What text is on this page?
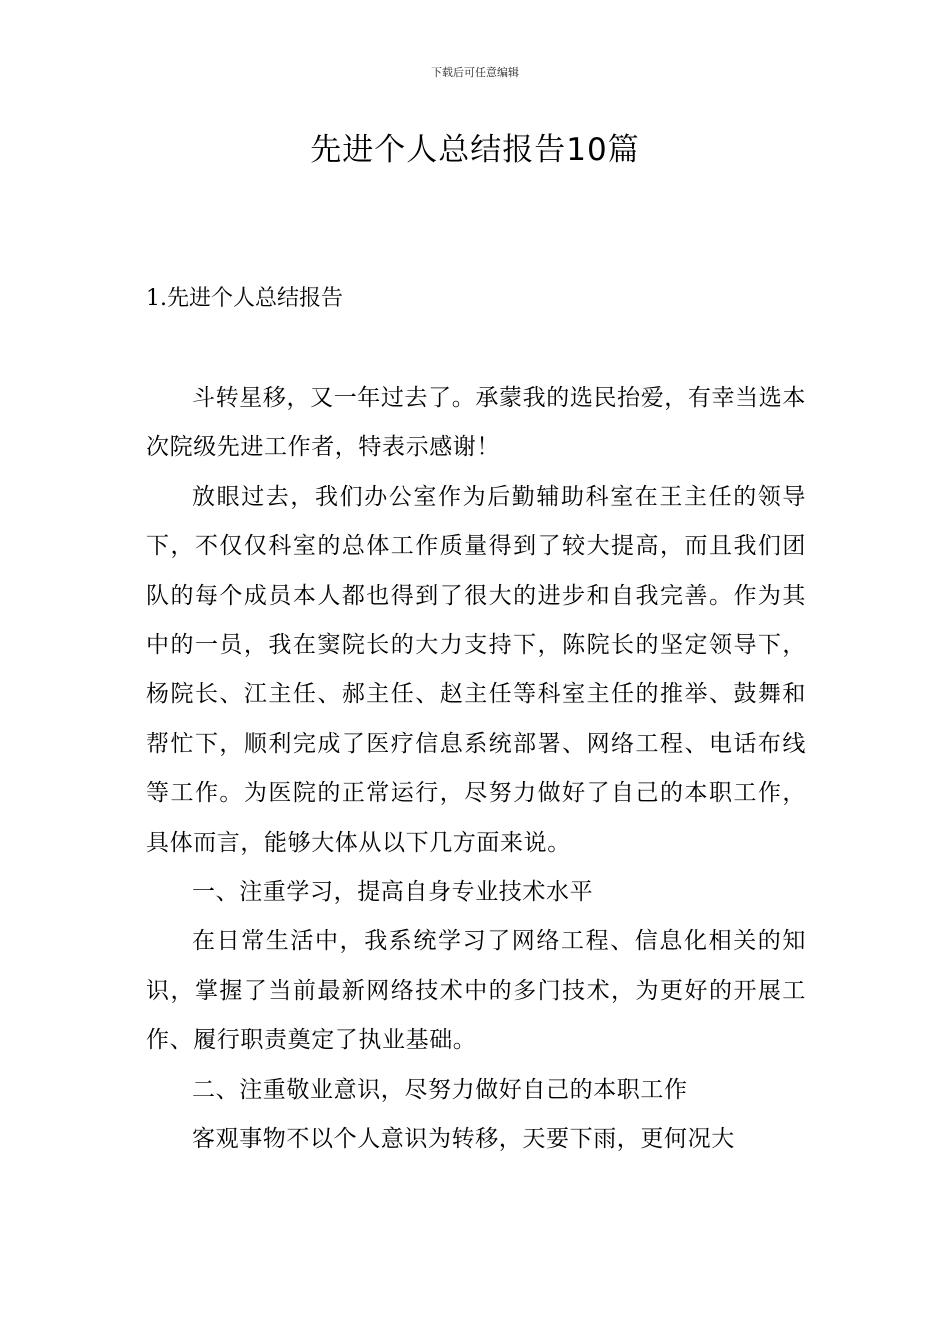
下载后可任意编辑
先进个人总结报告10篇
1.先进个人总结报告

斗转星移，又一年过去了。承蒙我的选民抬爱，有幸当选本次院级先进工作者，特表示感谢！

放眼过去，我们办公室作为后勤辅助科室在王主任的领导下，不仅仅科室的总体工作质量得到了较大提高，而且我们团队的每个成员本人都也得到了很大的进步和自我完善。作为其中的一员，我在窦院长的大力支持下，陈院长的坚定领导下，杨院长、江主任、郝主任、赵主任等科室主任的推举、鼓舞和帮忙下，顺利完成了医疗信息系统部署、网络工程、电话布线等工作。为医院的正常运行，尽努力做好了自己的本职工作，具体而言，能够大体从以下几方面来说。

一、注重学习，提高自身专业技术水平

在日常生活中，我系统学习了网络工程、信息化相关的知识，掌握了当前最新网络技术中的多门技术，为更好的开展工作、履行职责奠定了执业基础。

二、注重敬业意识，尽努力做好自己的本职工作

客观事物不以个人意识为转移，天要下雨，更何况大
